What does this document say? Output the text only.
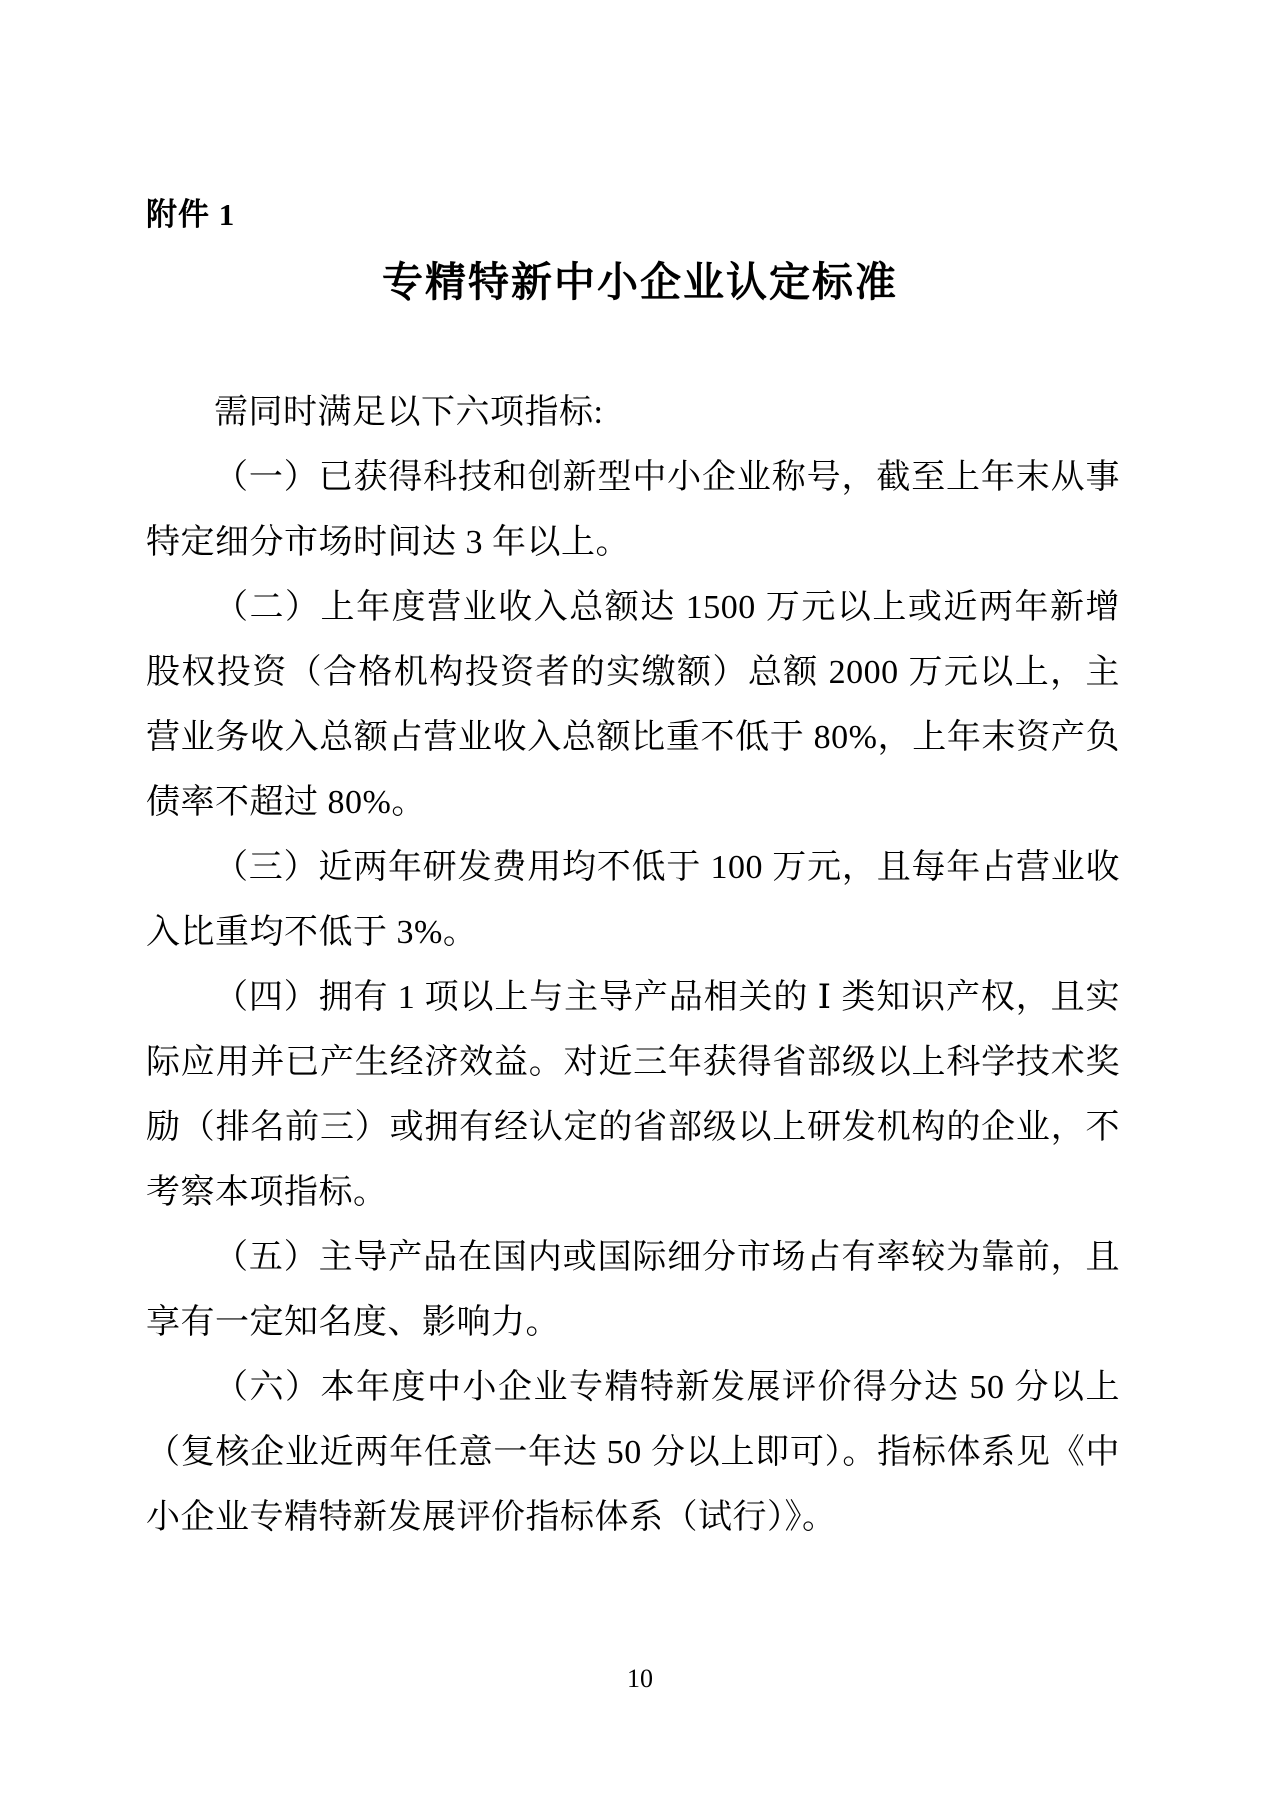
附件 1
专精特新中小企业认定标准

需同时满足以下六项指标:

（一）已获得科技和创新型中小企业称号，截至上年末从事特定细分市场时间达 3 年以上。

（二）上年度营业收入总额达 1500 万元以上或近两年新增股权投资（合格机构投资者的实缴额）总额 2000 万元以上，主营业务收入总额占营业收入总额比重不低于 80%，上年末资产负债率不超过 80%。

（三）近两年研发费用均不低于 100 万元，且每年占营业收入比重均不低于 3%。

（四）拥有 1 项以上与主导产品相关的 Ⅰ 类知识产权，且实际应用并已产生经济效益。对近三年获得省部级以上科学技术奖励（排名前三）或拥有经认定的省部级以上研发机构的企业，不考察本项指标。

（五）主导产品在国内或国际细分市场占有率较为靠前，且享有一定知名度、影响力。

（六）本年度中小企业专精特新发展评价得分达 50 分以上（复核企业近两年任意一年达 50 分以上即可）。指标体系见《中小企业专精特新发展评价指标体系（试行）》。

10
